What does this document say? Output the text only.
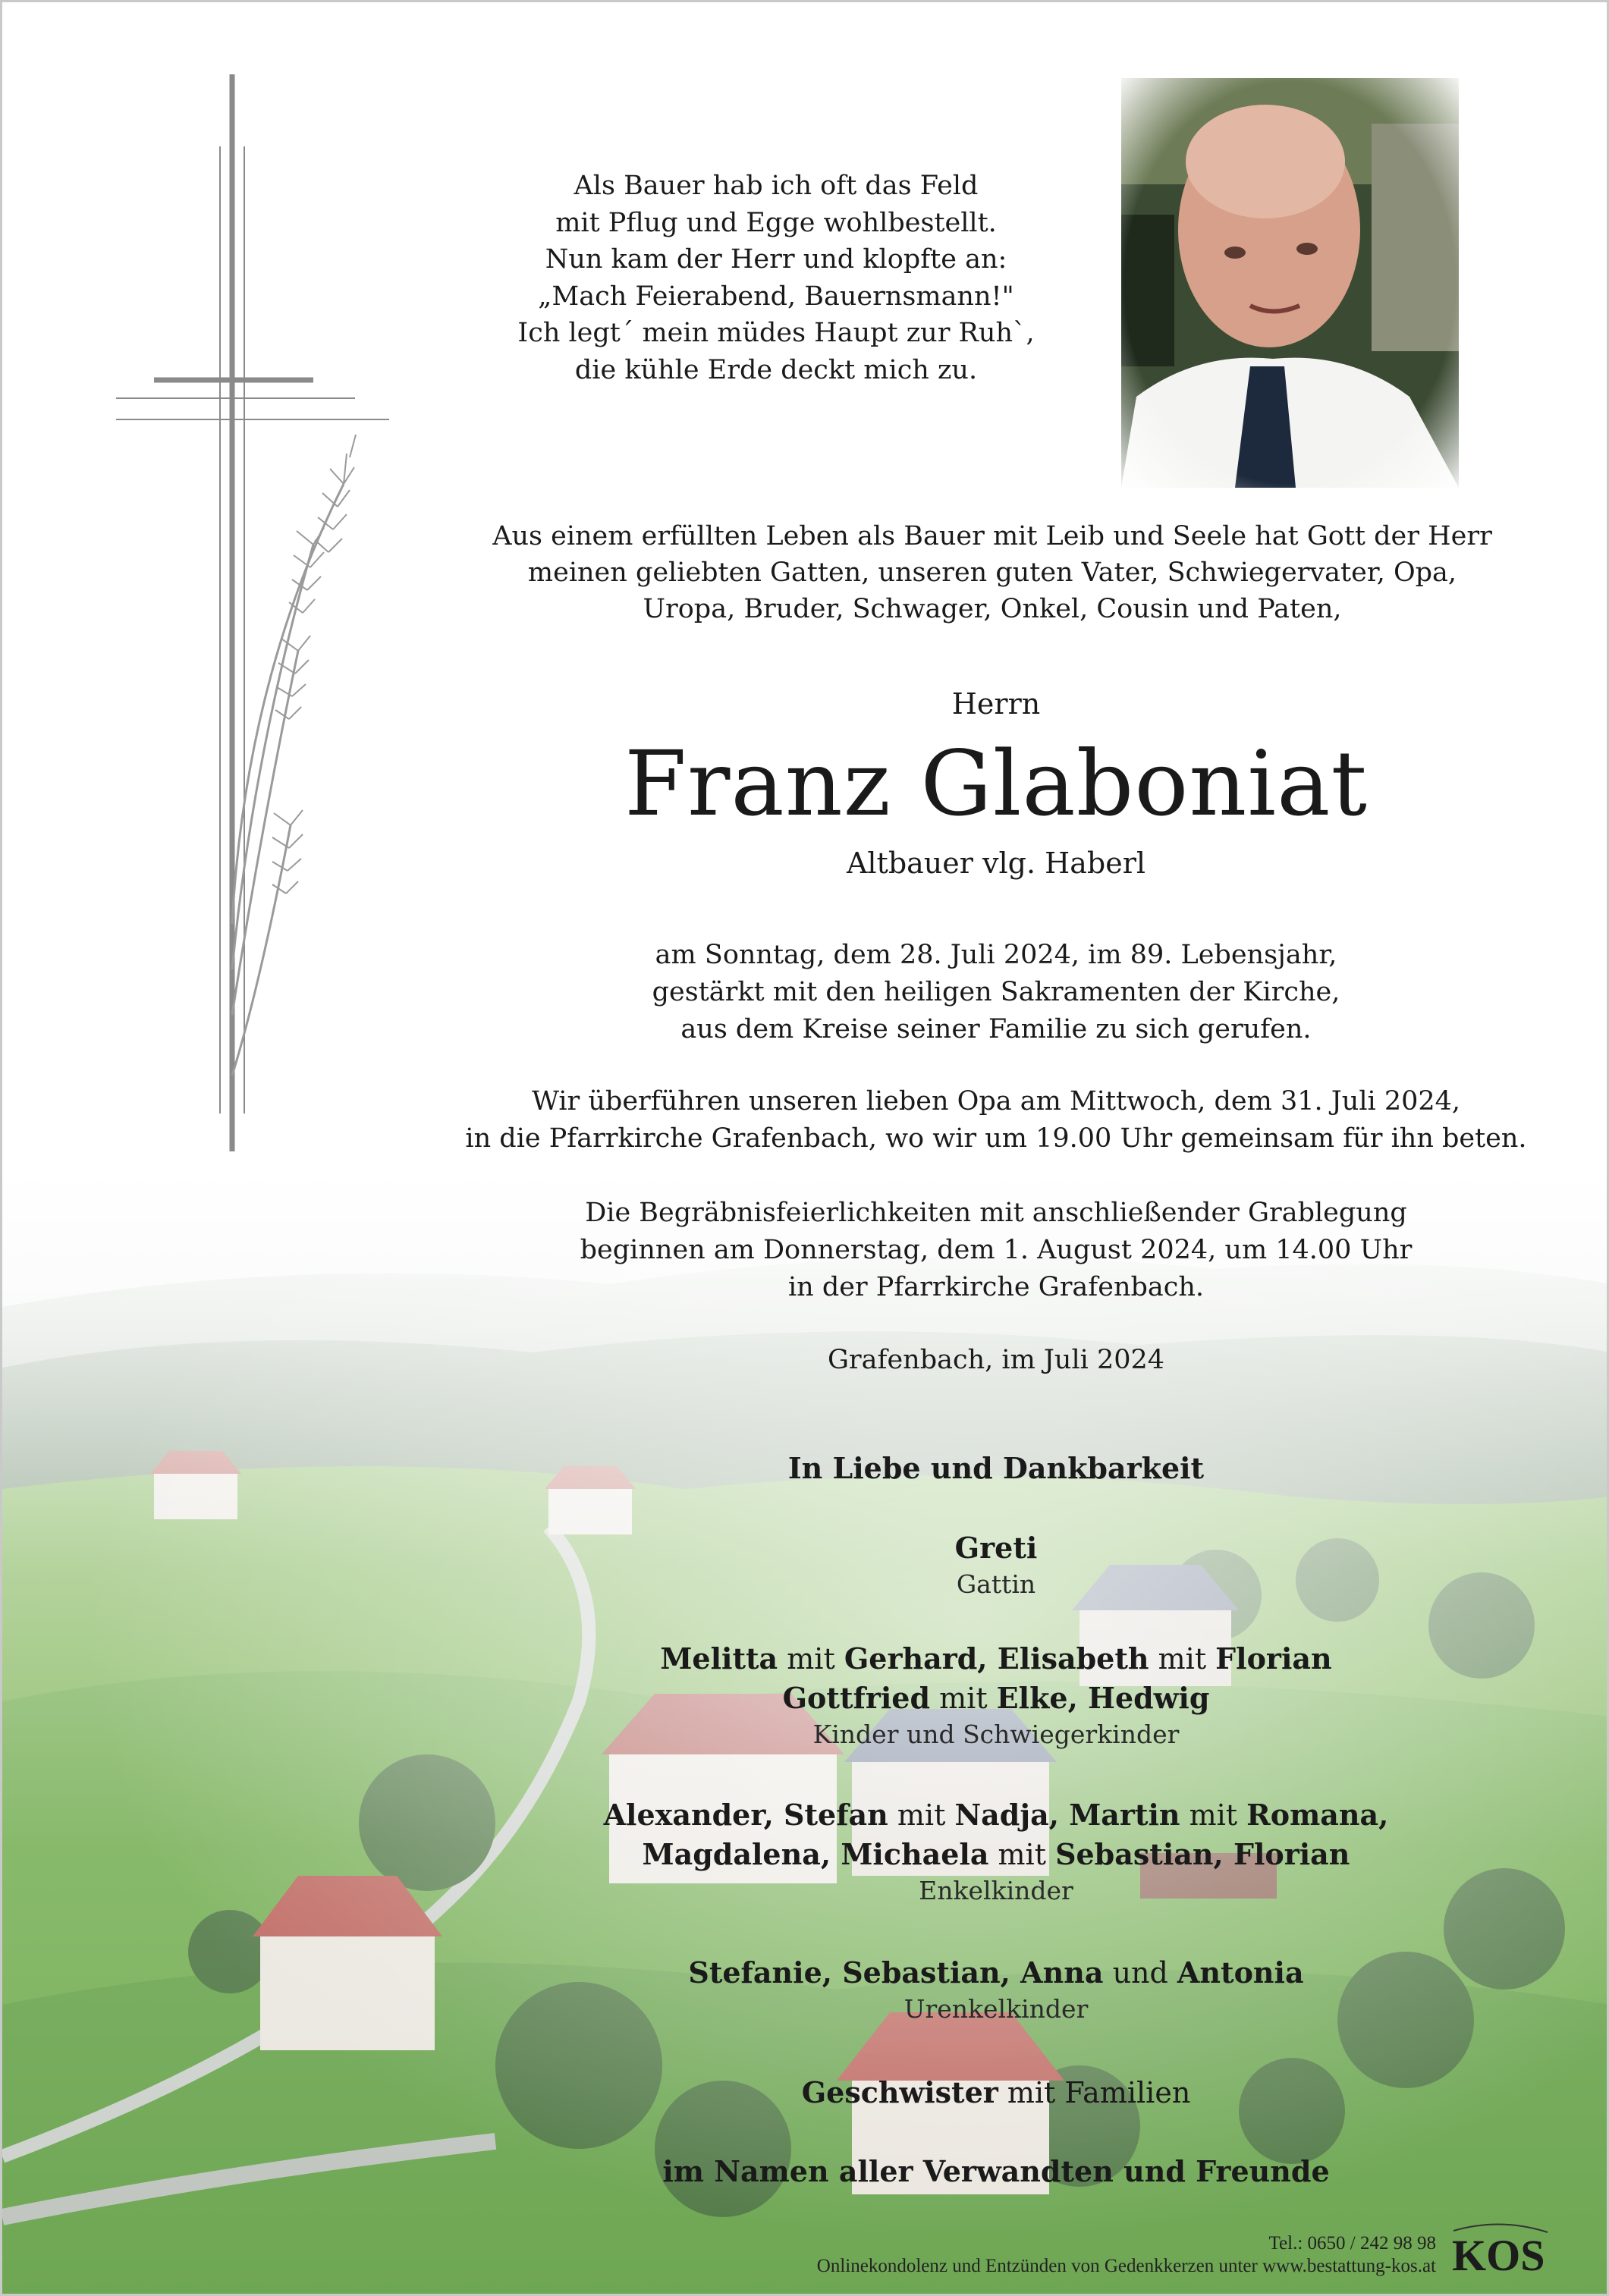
Als Bauer hab ich oft das Feld
mit Pflug und Egge wohlbestellt.
Nun kam der Herr und klopfte an:
„Mach Feierabend, Bauernsmann!"
Ich legt´ mein müdes Haupt zur Ruh`,
die kühle Erde deckt mich zu.
Aus einem erfüllten Leben als Bauer mit Leib und Seele hat Gott der Herr
meinen geliebten Gatten, unseren guten Vater, Schwiegervater, Opa,
Uropa, Bruder, Schwager, Onkel, Cousin und Paten,
Herrn
Franz Glaboniat
Altbauer vlg. Haberl
am Sonntag, dem 28. Juli 2024, im 89. Lebensjahr,
gestärkt mit den heiligen Sakramenten der Kirche,
aus dem Kreise seiner Familie zu sich gerufen.
Wir überführen unseren lieben Opa am Mittwoch, dem 31. Juli 2024,
in die Pfarrkirche Grafenbach, wo wir um 19.00 Uhr gemeinsam für ihn beten.
Die Begräbnisfeierlichkeiten mit anschließender Grablegung
beginnen am Donnerstag, dem 1. August 2024, um 14.00 Uhr
in der Pfarrkirche Grafenbach.
Grafenbach, im Juli 2024
In Liebe und Dankbarkeit
Greti
Gattin
Melitta mit Gerhard, Elisabeth mit Florian
Gottfried mit Elke, Hedwig
Kinder und Schwiegerkinder
Alexander, Stefan mit Nadja, Martin mit Romana,
Magdalena, Michaela mit Sebastian, Florian
Enkelkinder
Stefanie, Sebastian, Anna und Antonia
Urenkelkinder
Geschwister mit Familien
im Namen aller Verwandten und Freunde
Tel.: 0650 / 242 98 98
Onlinekondolenz und Entzünden von Gedenkkerzen unter www.bestattung-kos.at KOS
